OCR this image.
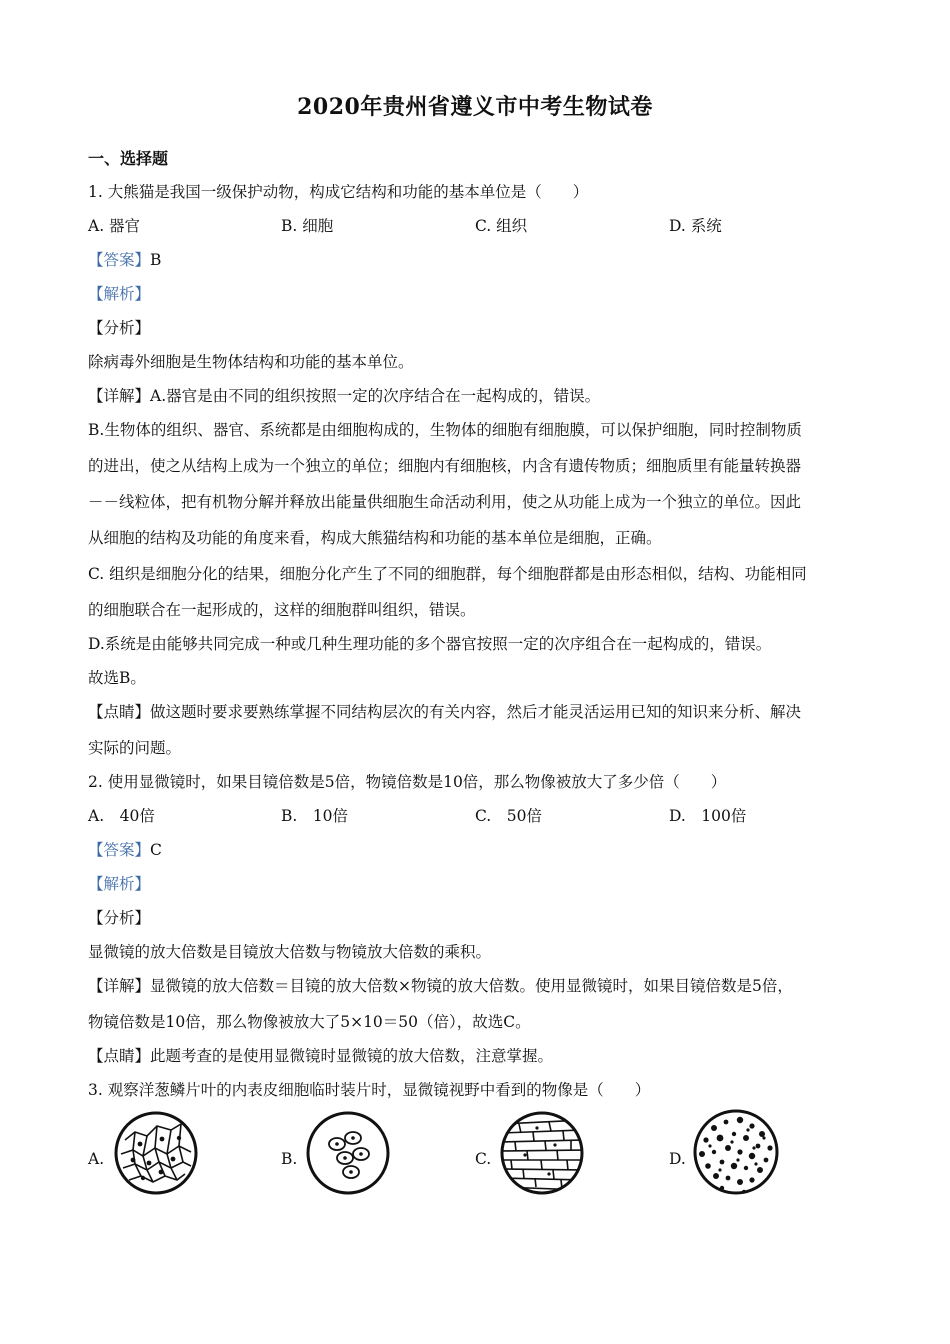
2020年贵州省遵义市中考生物试卷
一、选择题
1. 大熊猫是我国一级保护动物，构成它结构和功能的基本单位是（　　）
A. 器官	B. 细胞	C. 组织	D. 系统
【答案】B
【解析】
【分析】
除病毒外细胞是生物体结构和功能的基本单位。
【详解】A.器官是由不同的组织按照一定的次序结合在一起构成的，错误。
B.生物体的组织、器官、系统都是由细胞构成的，生物体的细胞有细胞膜，可以保护细胞，同时控制物质
的进出，使之从结构上成为一个独立的单位；细胞内有细胞核，内含有遗传物质；细胞质里有能量转换器
－－线粒体，把有机物分解并释放出能量供细胞生命活动利用，使之从功能上成为一个独立的单位。因此
从细胞的结构及功能的角度来看，构成大熊猫结构和功能的基本单位是细胞，正确。
C. 组织是细胞分化的结果，细胞分化产生了不同的细胞群，每个细胞群都是由形态相似，结构、功能相同
的细胞联合在一起形成的，这样的细胞群叫组织，错误。
D.系统是由能够共同完成一种或几种生理功能的多个器官按照一定的次序组合在一起构成的，错误。
故选B。
【点睛】做这题时要求要熟练掌握不同结构层次的有关内容，然后才能灵活运用已知的知识来分析、解决
实际的问题。
2. 使用显微镜时，如果目镜倍数是5倍，物镜倍数是10倍，那么物像被放大了多少倍（　　）
A.　40倍	B.　10倍	C.　50倍	D.　100倍
【答案】C
【解析】
【分析】
显微镜的放大倍数是目镜放大倍数与物镜放大倍数的乘积。
【详解】显微镜的放大倍数＝目镜的放大倍数×物镜的放大倍数。使用显微镜时，如果目镜倍数是5倍，
物镜倍数是10倍，那么物像被放大了5×10＝50（倍），故选C。
【点睛】此题考查的是使用显微镜时显微镜的放大倍数，注意掌握。
3. 观察洋葱鳞片叶的内表皮细胞临时装片时，显微镜视野中看到的物像是（　　）
A.	B.	C.	D.
